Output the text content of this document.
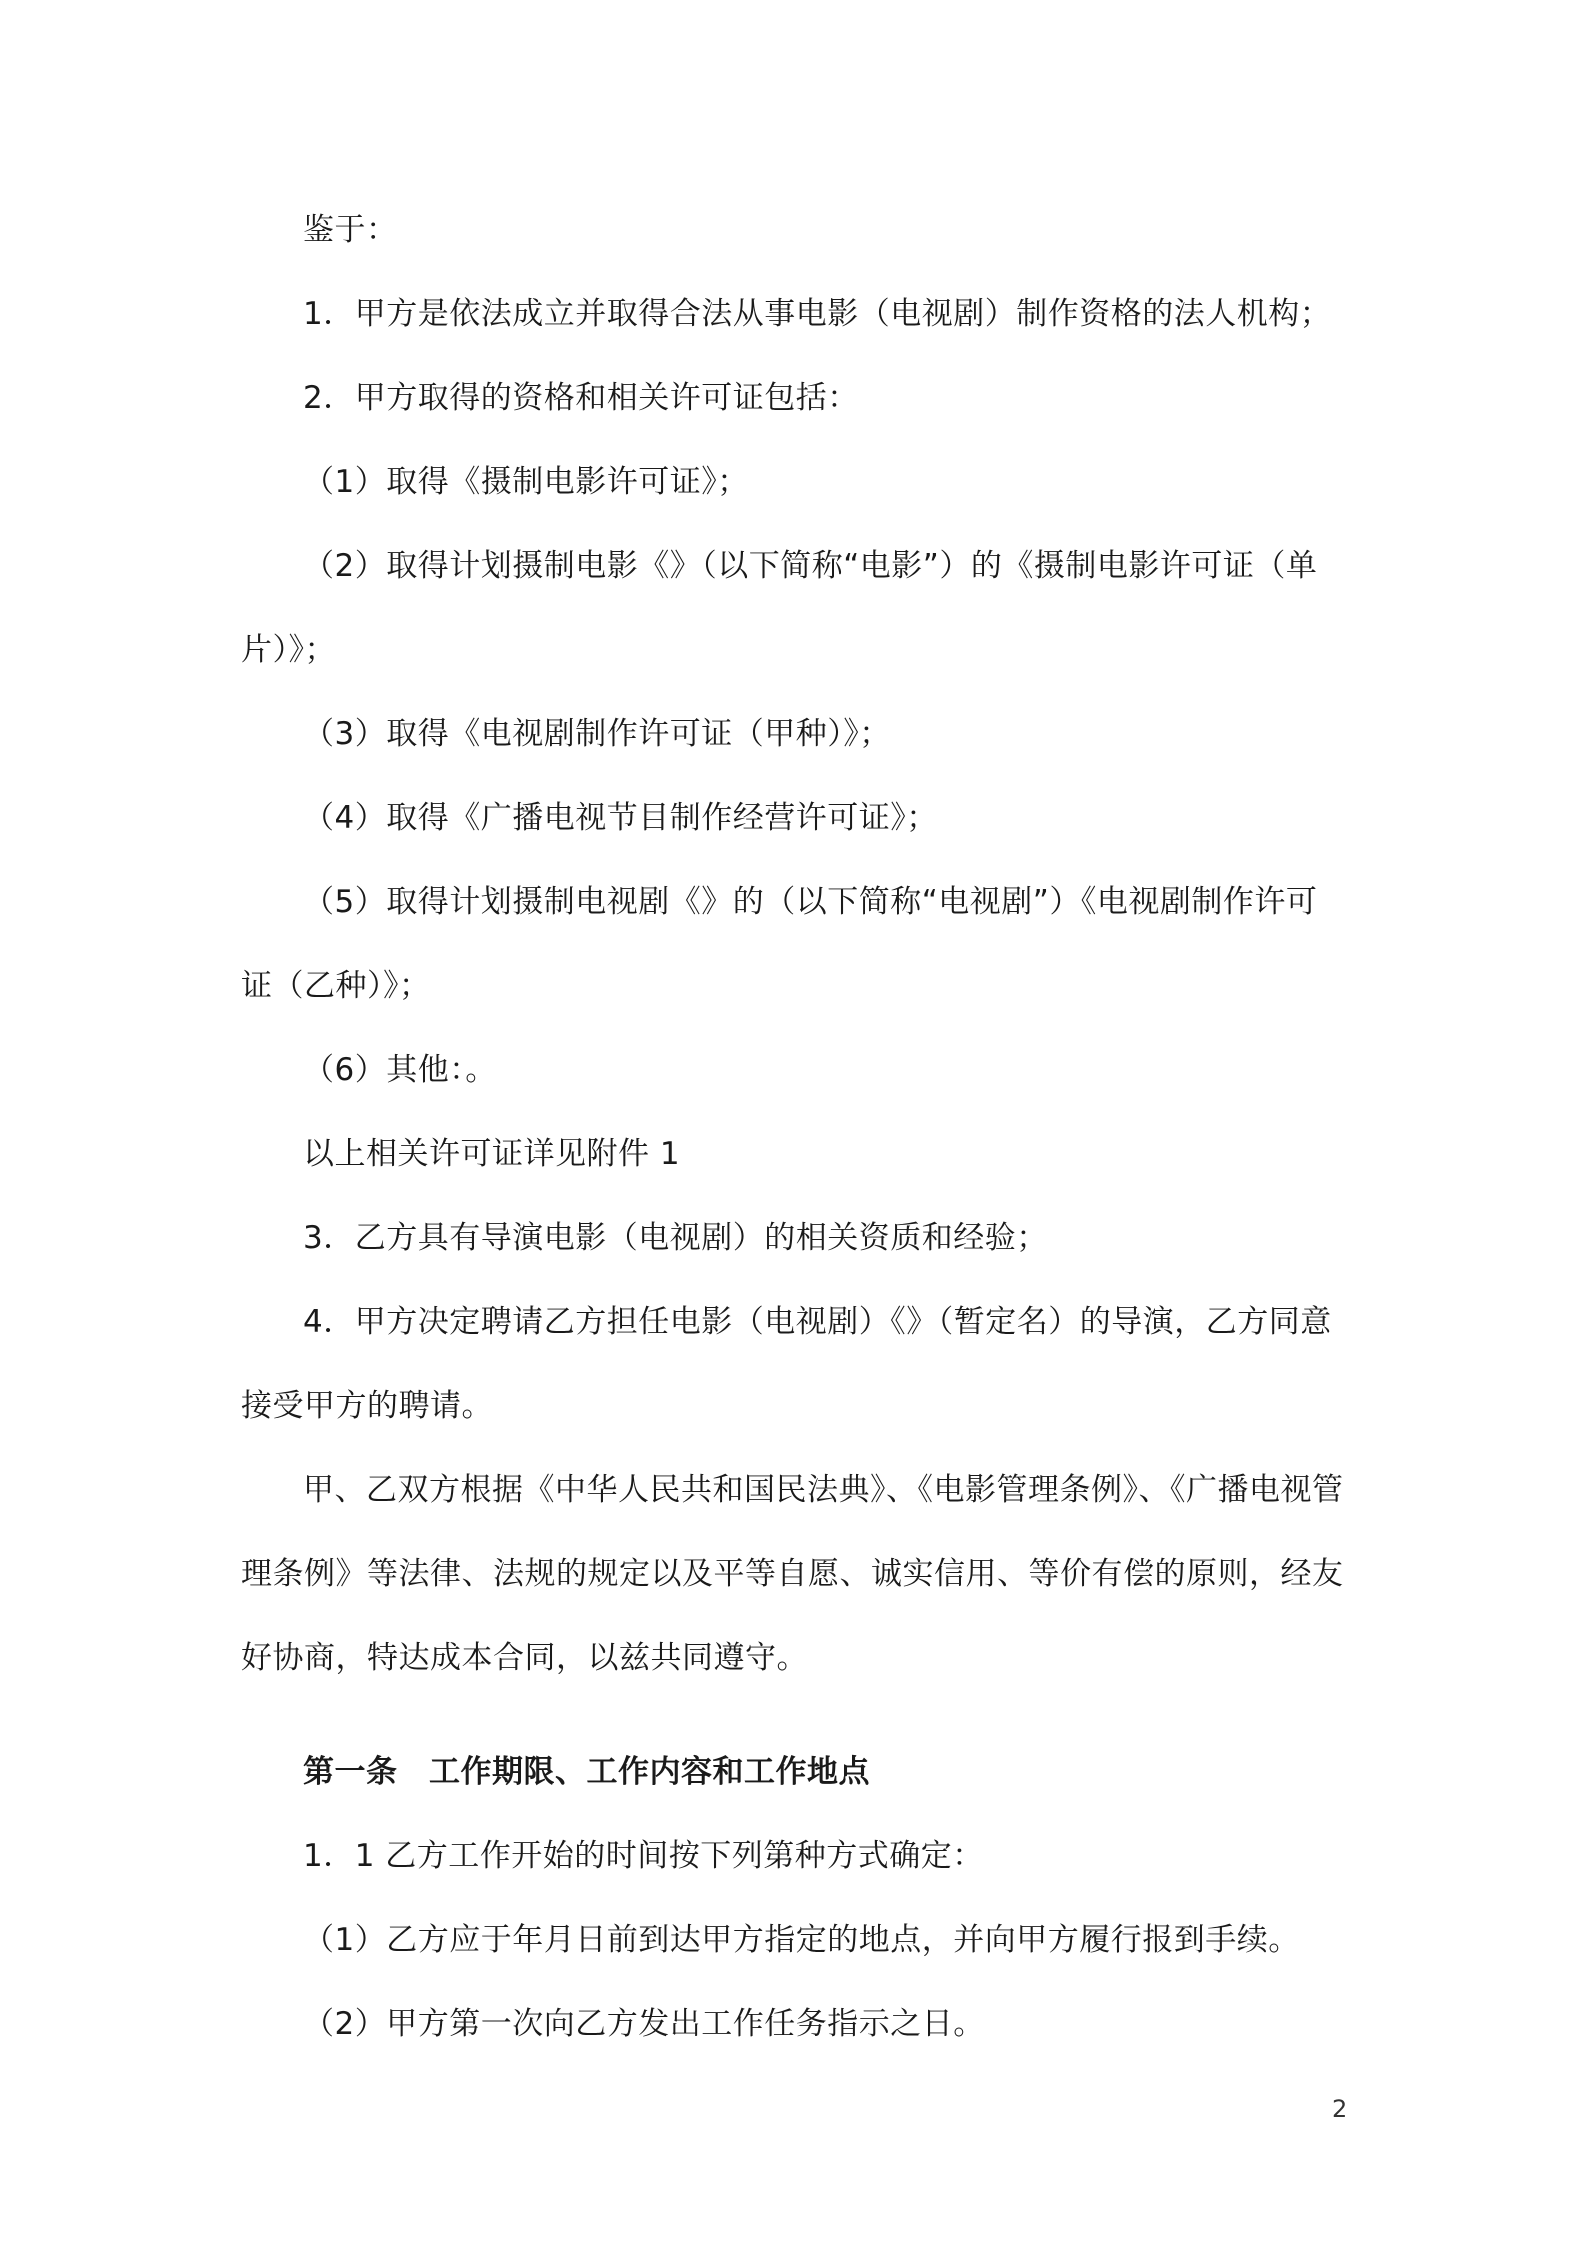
鉴于：
1．甲方是依法成立并取得合法从事电影（电视剧）制作资格的法人机构；
2．甲方取得的资格和相关许可证包括：
（1）取得《摄制电影许可证》；
（2）取得计划摄制电影《》（以下简称“电影”）的《摄制电影许可证（单
片）》；
（3）取得《电视剧制作许可证（甲种）》；
（4）取得《广播电视节目制作经营许可证》；
（5）取得计划摄制电视剧《》的（以下简称“电视剧”）《电视剧制作许可
证（乙种）》；
（6）其他：。
以上相关许可证详见附件 1
3．乙方具有导演电影（电视剧）的相关资质和经验；
4．甲方决定聘请乙方担任电影（电视剧）《》（暂定名）的导演，乙方同意
接受甲方的聘请。
甲、乙双方根据《中华人民共和国民法典》、《电影管理条例》、《广播电视管
理条例》等法律、法规的规定以及平等自愿、诚实信用、等价有偿的原则，经友
好协商，特达成本合同，以兹共同遵守。
第一条　工作期限、工作内容和工作地点
1．1 乙方工作开始的时间按下列第种方式确定：
（1）乙方应于年月日前到达甲方指定的地点，并向甲方履行报到手续。
（2）甲方第一次向乙方发出工作任务指示之日。
2
